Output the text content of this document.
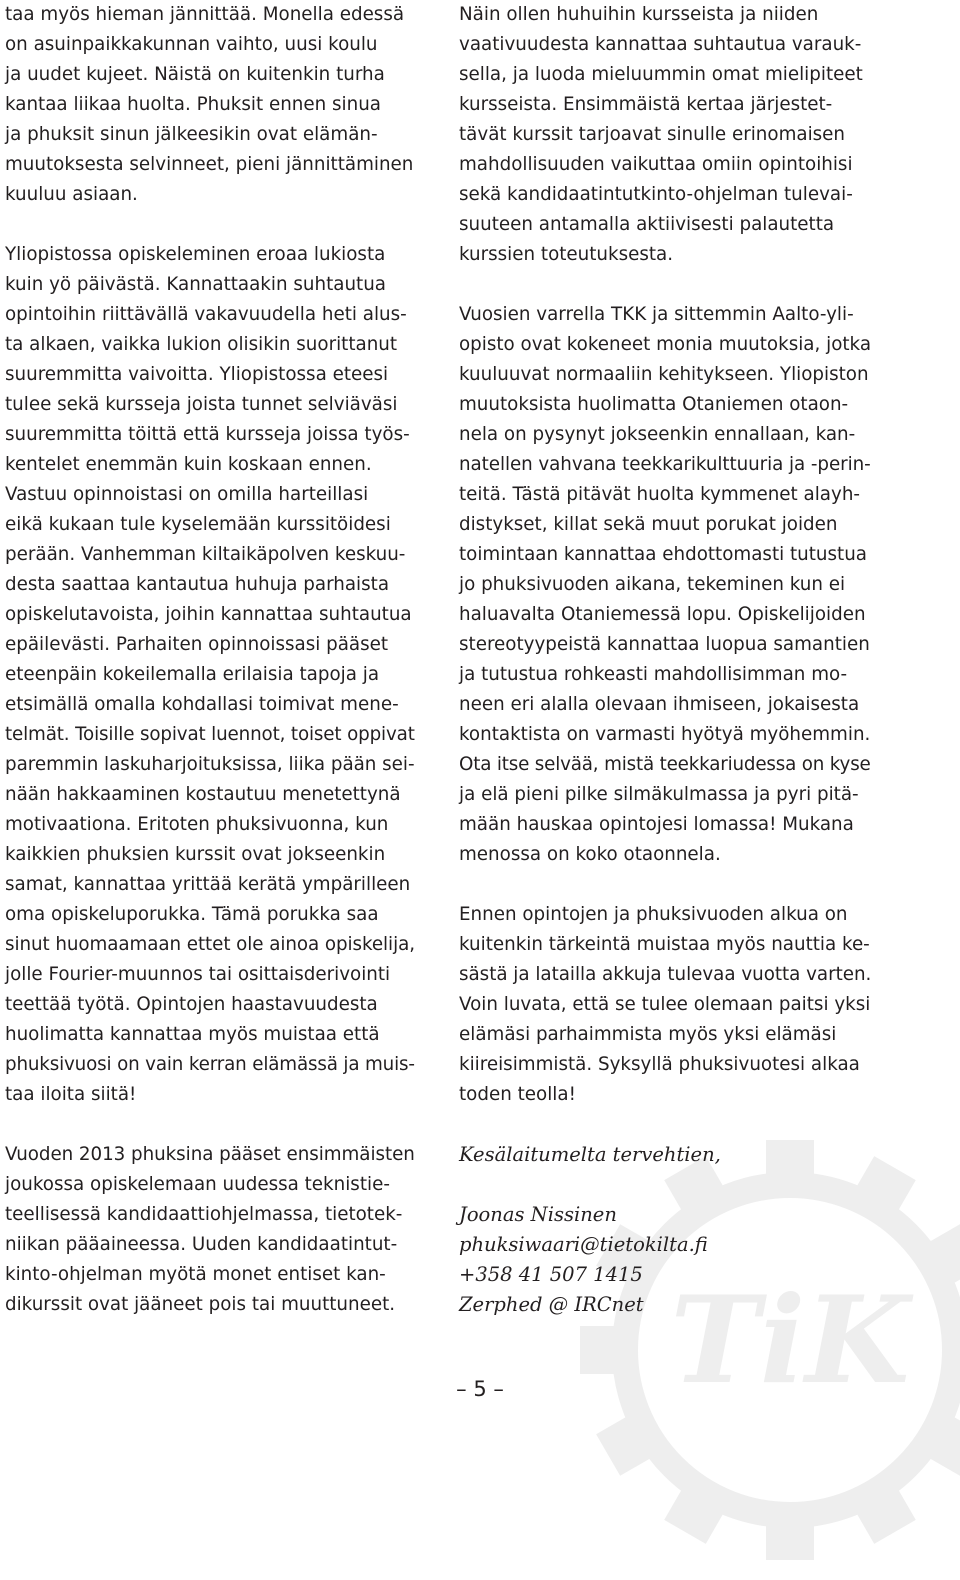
TiK

taa myös hieman jännittää. Monella edessä
on asuinpaikkakunnan vaihto, uusi koulu
ja uudet kujeet. Näistä on kuitenkin turha
kantaa liikaa huolta. Phuksit ennen sinua
ja phuksit sinun jälkeesikin ovat elämän-
muutoksesta selvinneet, pieni jännittäminen
kuuluu asiaan.

Yliopistossa opiskeleminen eroaa lukiosta
kuin yö päivästä. Kannattaakin suhtautua
opintoihin riittävällä vakavuudella heti alus-
ta alkaen, vaikka lukion olisikin suorittanut
suuremmitta vaivoitta. Yliopistossa eteesi
tulee sekä kursseja joista tunnet selviäväsi
suuremmitta töittä että kursseja joissa työs-
kentelet enemmän kuin koskaan ennen.
Vastuu opinnoistasi on omilla harteillasi
eikä kukaan tule kyselemään kurssitöidesi
perään. Vanhemman kiltaikäpolven keskuu-
desta saattaa kantautua huhuja parhaista
opiskelutavoista, joihin kannattaa suhtautua
epäilevästi. Parhaiten opinnoissasi pääset
eteenpäin kokeilemalla erilaisia tapoja ja
etsimällä omalla kohdallasi toimivat mene-
telmät. Toisille sopivat luennot, toiset oppivat
paremmin laskuharjoituksissa, liika pään sei-
nään hakkaaminen kostautuu menetettynä
motivaationa. Eritoten phuksivuonna, kun
kaikkien phuksien kurssit ovat jokseenkin
samat, kannattaa yrittää kerätä ympärilleen
oma opiskeluporukka. Tämä porukka saa
sinut huomaamaan ettet ole ainoa opiskelija,
jolle Fourier-muunnos tai osittaisderivointi
teettää työtä. Opintojen haastavuudesta
huolimatta kannattaa myös muistaa että
phuksivuosi on vain kerran elämässä ja muis-
taa iloita siitä!

Vuoden 2013 phuksina pääset ensimmäisten
joukossa opiskelemaan uudessa teknistie-
teellisessä kandidaattiohjelmassa, tietotek-
niikan pääaineessa. Uuden kandidaatintut-
kinto-ohjelman myötä monet entiset kan-
dikurssit ovat jääneet pois tai muuttuneet.

Näin ollen huhuihin kursseista ja niiden
vaativuudesta kannattaa suhtautua varauk-
sella, ja luoda mieluummin omat mielipiteet
kursseista. Ensimmäistä kertaa järjestet-
tävät kurssit tarjoavat sinulle erinomaisen
mahdollisuuden vaikuttaa omiin opintoihisi
sekä kandidaatintutkinto-ohjelman tulevai-
suuteen antamalla aktiivisesti palautetta
kurssien toteutuksesta.

Vuosien varrella TKK ja sittemmin Aalto-yli-
opisto ovat kokeneet monia muutoksia, jotka
kuuluuvat normaaliin kehitykseen. Yliopiston
muutoksista huolimatta Otaniemen otaon-
nela on pysynyt jokseenkin ennallaan, kan-
natellen vahvana teekkarikulttuuria ja -perin-
teitä. Tästä pitävät huolta kymmenet alayh-
distykset, killat sekä muut porukat joiden
toimintaan kannattaa ehdottomasti tutustua
jo phuksivuoden aikana, tekeminen kun ei
haluavalta Otaniemessä lopu. Opiskelijoiden
stereotyypeistä kannattaa luopua samantien
ja tutustua rohkeasti mahdollisimman mo-
neen eri alalla olevaan ihmiseen, jokaisesta
kontaktista on varmasti hyötyä myöhemmin.
Ota itse selvää, mistä teekkariudessa on kyse
ja elä pieni pilke silmäkulmassa ja pyri pitä-
mään hauskaa opintojesi lomassa! Mukana
menossa on koko otaonnela.

Ennen opintojen ja phuksivuoden alkua on
kuitenkin tärkeintä muistaa myös nauttia ke-
sästä ja latailla akkuja tulevaa vuotta varten.
Voin luvata, että se tulee olemaan paitsi yksi
elämäsi parhaimmista myös yksi elämäsi
kiireisimmistä. Syksyllä phuksivuotesi alkaa
toden teolla!

Kesälaitumelta tervehtien,
Joonas Nissinen
phuksiwaari@tietokilta.fi
+358 41 507 1415
Zerphed @ IRCnet
– 5 –
